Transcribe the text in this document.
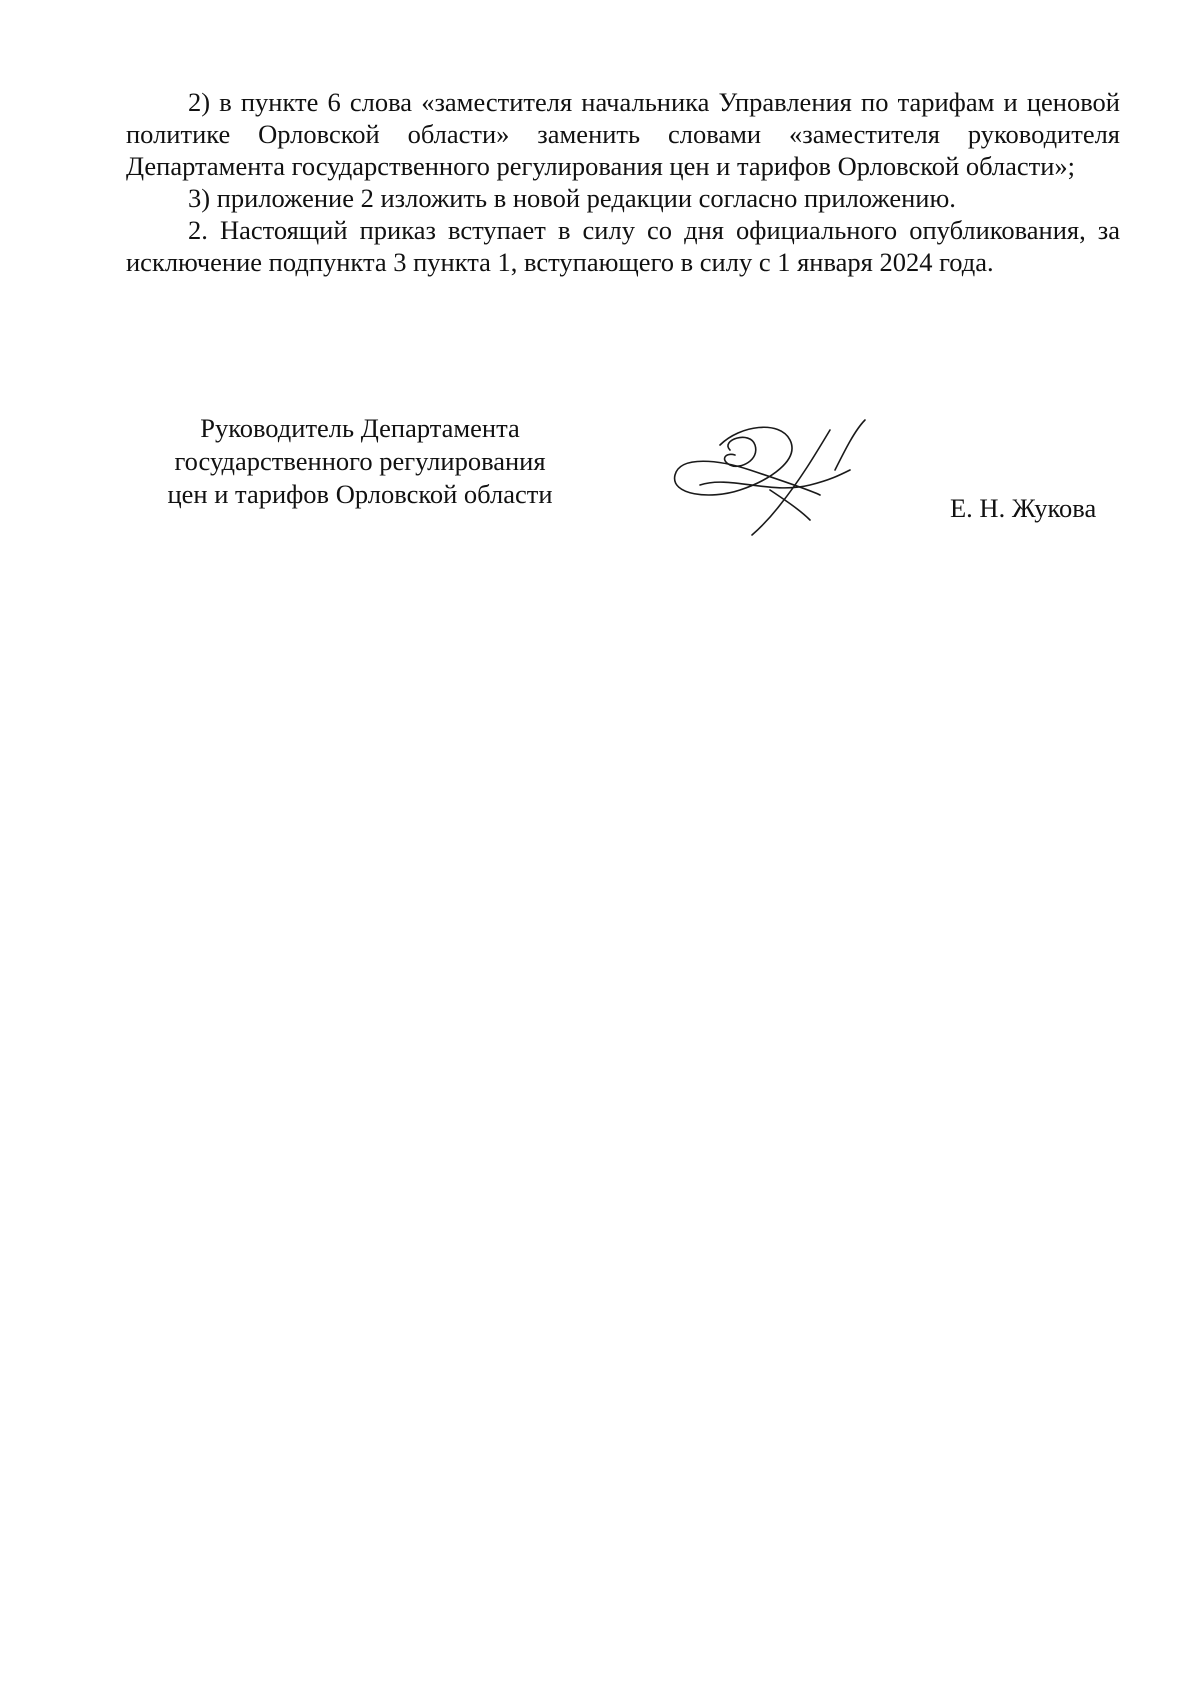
2) в пункте 6 слова «заместителя начальника Управления по тарифам и ценовой политике Орловской области» заменить словами «заместителя руководителя Департамента государственного регулирования цен и тарифов Орловской области»;

3) приложение 2 изложить в новой редакции согласно приложению.

2. Настоящий приказ вступает в силу со дня официального опубликования, за исключение подпункта 3 пункта 1, вступающего в силу с 1 января 2024 года.

Руководитель Департамента
государственного регулирования
цен и тарифов Орловской области	Е. Н. Жукова
